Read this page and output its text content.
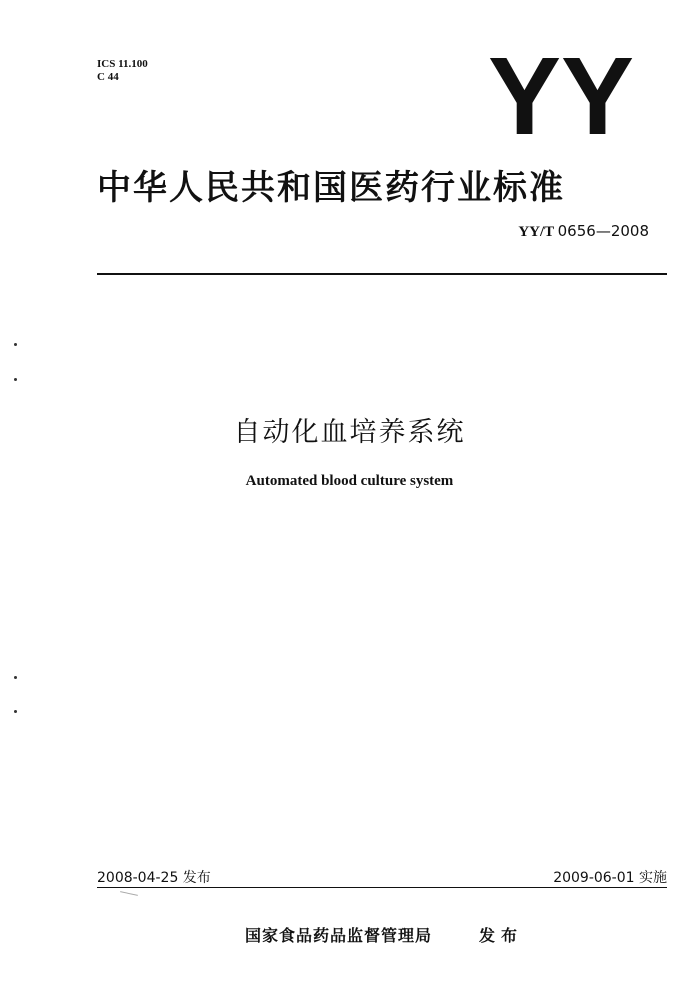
ICS 11.100
C 44	YY
中华人民共和国医药行业标准
YY/T 0656—2008
自动化血培养系统
Automated blood culture system
2008-04-25 发布	2009-06-01 实施
国家食品药品监督管理局	发布
